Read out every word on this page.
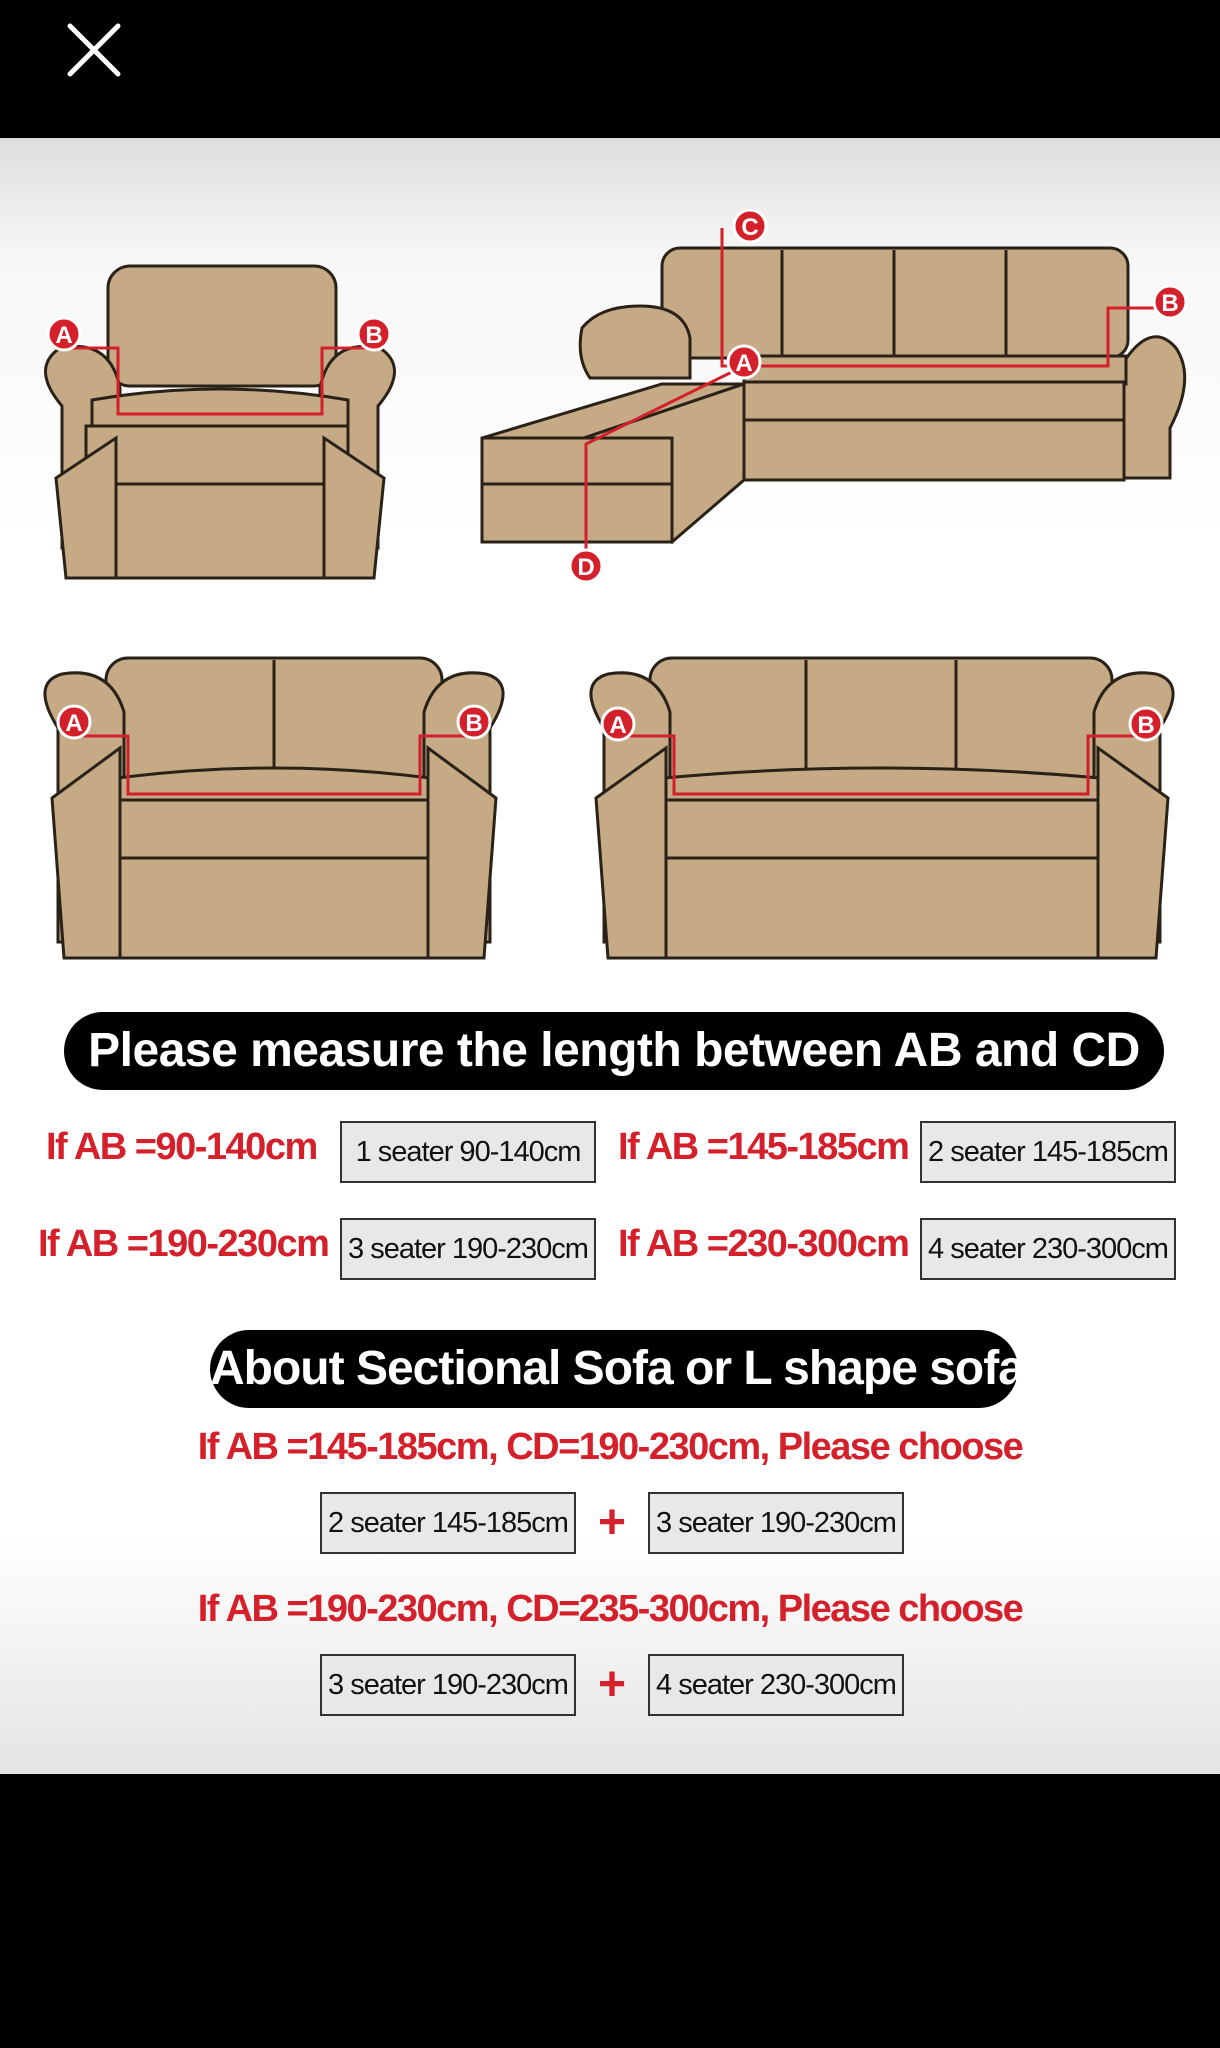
A	B
C
A
B
D
A	B	A	B
Please measure the length between AB and CD
If AB =90-140cm	1 seater 90-140cm If AB =145-185cm 2 seater 145-185cm
If AB =190-230cm 3 seater 190-230cm If AB =230-300cm 4 seater 230-300cm
About Sectional Sofa or L shape sofa
If AB =145-185cm, CD=190-230cm, Please choose
2 seater 145-185cm + 3 seater 190-230cm
If AB =190-230cm, CD=235-300cm, Please choose
3 seater 190-230cm + 4 seater 230-300cm
